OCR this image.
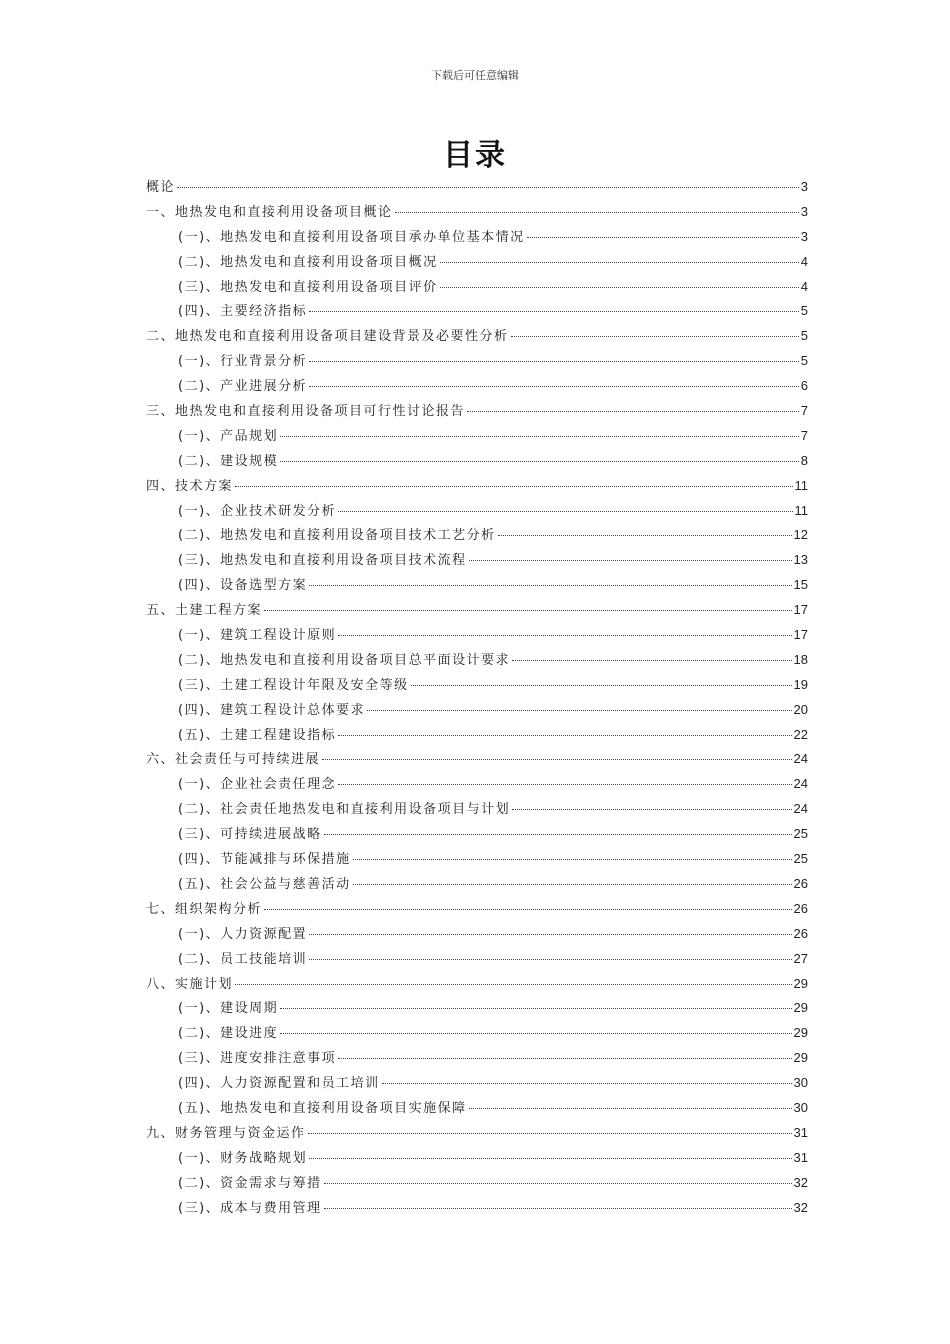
下载后可任意编辑
目录
概论	3
一、地热发电和直接利用设备项目概论	3
(一)、地热发电和直接利用设备项目承办单位基本情况	3
(二)、地热发电和直接利用设备项目概况	4
(三)、地热发电和直接利用设备项目评价	4
(四)、主要经济指标	5
二、地热发电和直接利用设备项目建设背景及必要性分析	5
(一)、行业背景分析	5
(二)、产业进展分析	6
三、地热发电和直接利用设备项目可行性讨论报告	7
(一)、产品规划	7
(二)、建设规模	8
四、技术方案	11
(一)、企业技术研发分析	11
(二)、地热发电和直接利用设备项目技术工艺分析	12
(三)、地热发电和直接利用设备项目技术流程	13
(四)、设备选型方案	15
五、土建工程方案	17
(一)、建筑工程设计原则	17
(二)、地热发电和直接利用设备项目总平面设计要求	18
(三)、土建工程设计年限及安全等级	19
(四)、建筑工程设计总体要求	20
(五)、土建工程建设指标	22
六、社会责任与可持续进展	24
(一)、企业社会责任理念	24
(二)、社会责任地热发电和直接利用设备项目与计划	24
(三)、可持续进展战略	25
(四)、节能减排与环保措施	25
(五)、社会公益与慈善活动	26
七、组织架构分析	26
(一)、人力资源配置	26
(二)、员工技能培训	27
八、实施计划	29
(一)、建设周期	29
(二)、建设进度	29
(三)、进度安排注意事项	29
(四)、人力资源配置和员工培训	30
(五)、地热发电和直接利用设备项目实施保障	30
九、财务管理与资金运作	31
(一)、财务战略规划	31
(二)、资金需求与筹措	32
(三)、成本与费用管理	32
